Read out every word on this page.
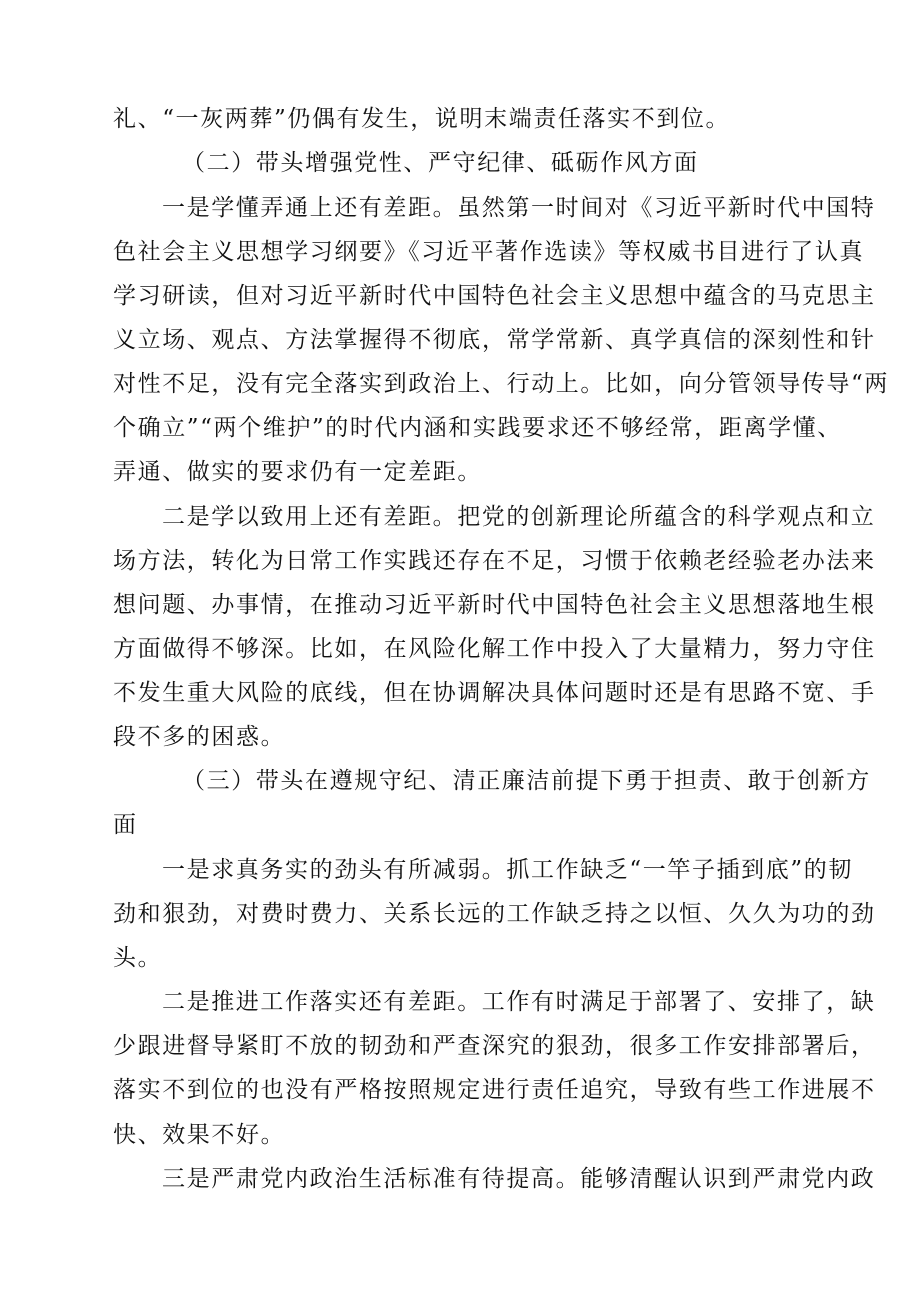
礼、“一灰两葬”仍偶有发生，说明末端责任落实不到位。
（二）带头增强党性、严守纪律、砥砺作风方面
一是学懂弄通上还有差距。虽然第一时间对《习近平新时代中国特
色社会主义思想学习纲要》《习近平著作选读》等权威书目进行了认真
学习研读，但对习近平新时代中国特色社会主义思想中蕴含的马克思主
义立场、观点、方法掌握得不彻底，常学常新、真学真信的深刻性和针
对性不足，没有完全落实到政治上、行动上。比如，向分管领导传导“两
个确立”“两个维护”的时代内涵和实践要求还不够经常，距离学懂、
弄通、做实的要求仍有一定差距。
二是学以致用上还有差距。把党的创新理论所蕴含的科学观点和立
场方法，转化为日常工作实践还存在不足，习惯于依赖老经验老办法来
想问题、办事情，在推动习近平新时代中国特色社会主义思想落地生根
方面做得不够深。比如，在风险化解工作中投入了大量精力，努力守住
不发生重大风险的底线，但在协调解决具体问题时还是有思路不宽、手
段不多的困惑。
（三）带头在遵规守纪、清正廉洁前提下勇于担责、敢于创新方
面
一是求真务实的劲头有所减弱。抓工作缺乏“一竿子插到底”的韧
劲和狠劲，对费时费力、关系长远的工作缺乏持之以恒、久久为功的劲
头。
二是推进工作落实还有差距。工作有时满足于部署了、安排了，缺
少跟进督导紧盯不放的韧劲和严查深究的狠劲，很多工作安排部署后，
落实不到位的也没有严格按照规定进行责任追究，导致有些工作进展不
快、效果不好。
三是严肃党内政治生活标准有待提高。能够清醒认识到严肃党内政
